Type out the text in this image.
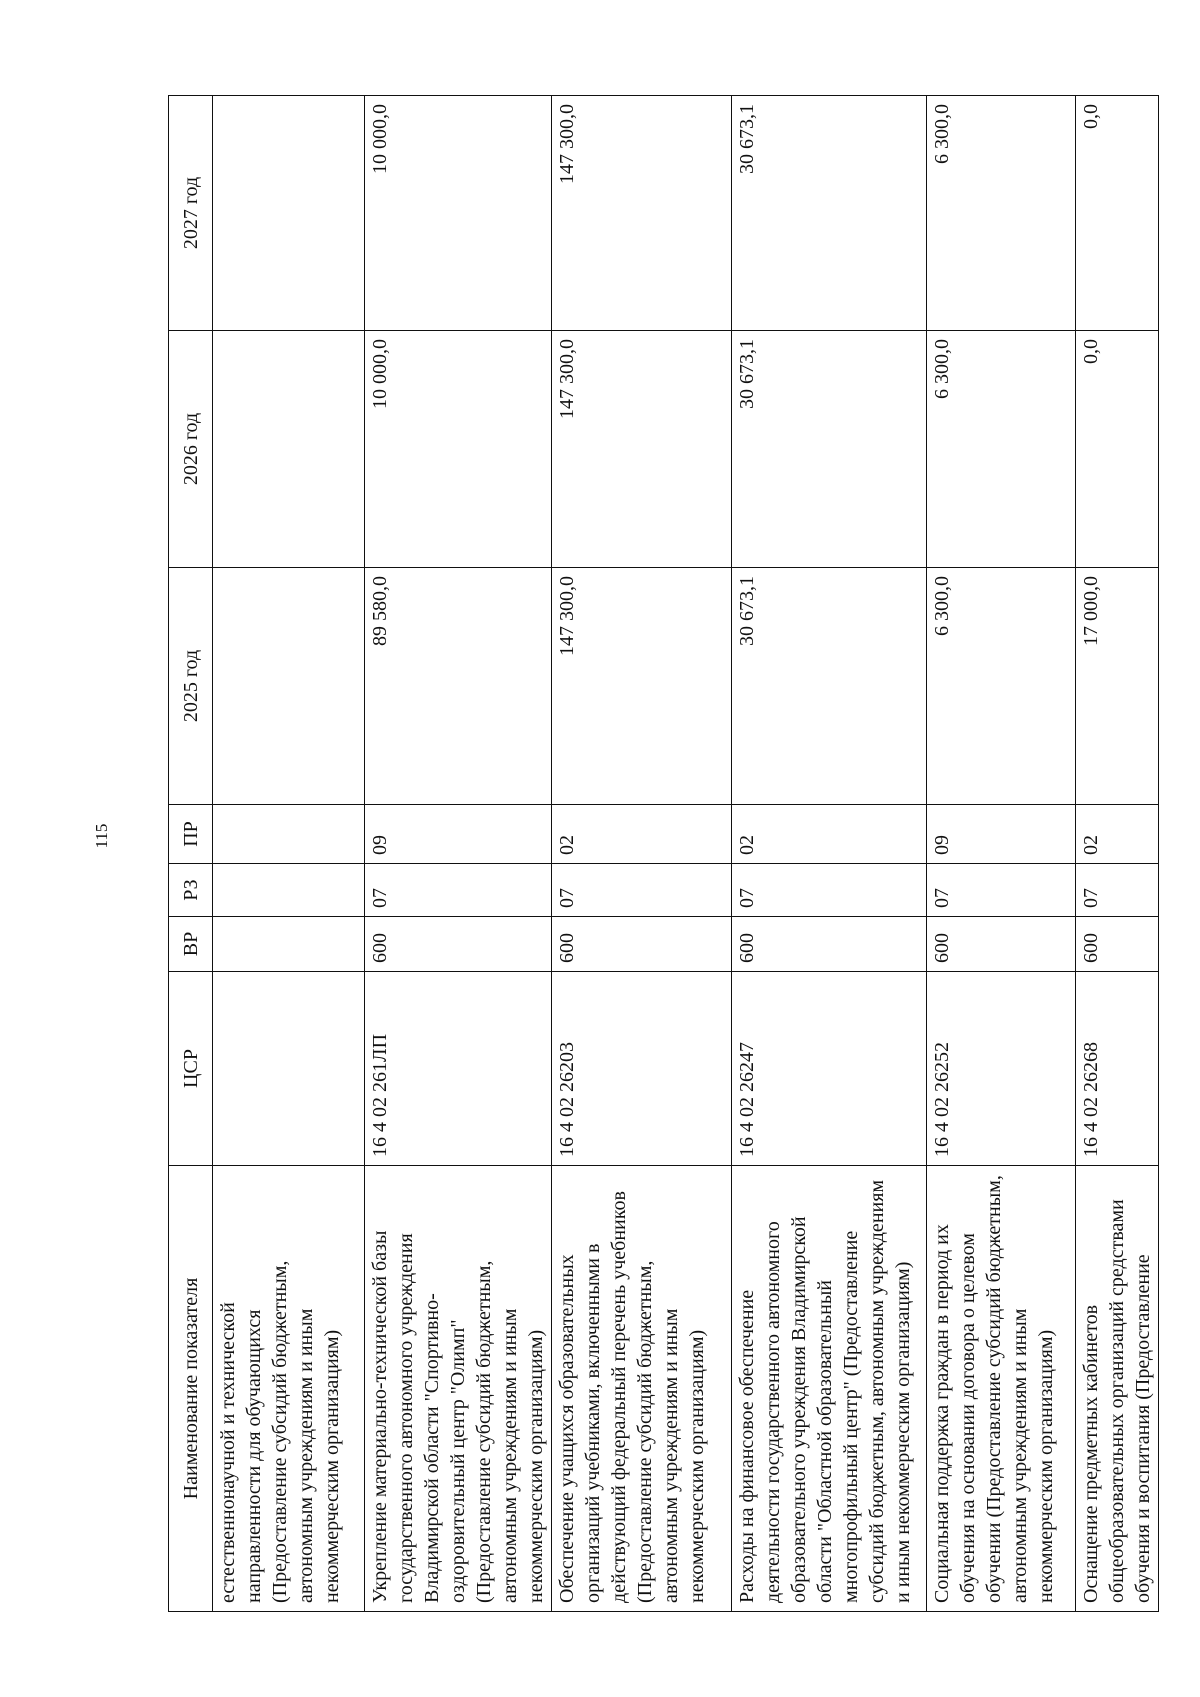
115
Наименование показателя	ЦСР	ВР	РЗ	ПР	2025 год	2026 год	2027 год
естественнонаучной и технической направленности для обучающихся (Предоставление субсидий бюджетным, автономным учреждениям и иным некоммерческим организациям)							
Укрепление материально-технической базы государственного автономного учреждения Владимирской области "Спортивно-оздоровительный центр "Олимп" (Предоставление субсидий бюджетным, автономным учреждениям и иным некоммерческим организациям)	16 4 02 261ЛП	600	07	09	89 580,0	10 000,0	10 000,0
Обеспечение учащихся образовательных организаций учебниками, включенными в действующий федеральный перечень учебников (Предоставление субсидий бюджетным, автономным учреждениям и иным некоммерческим организациям)	16 4 02 26203	600	07	02	147 300,0	147 300,0	147 300,0
Расходы на финансовое обеспечение деятельности государственного автономного образовательного учреждения Владимирской области "Областной образовательный многопрофильный центр" (Предоставление субсидий бюджетным, автономным учреждениям и иным некоммерческим организациям)	16 4 02 26247	600	07	02	30 673,1	30 673,1	30 673,1
Социальная поддержка граждан в период их обучения на основании договора о целевом обучении (Предоставление субсидий бюджетным, автономным учреждениям и иным некоммерческим организациям)	16 4 02 26252	600	07	09	6 300,0	6 300,0	6 300,0
Оснащение предметных кабинетов общеобразовательных организаций средствами обучения и воспитания (Предоставление	16 4 02 26268	600	07	02	17 000,0	0,0	0,0
